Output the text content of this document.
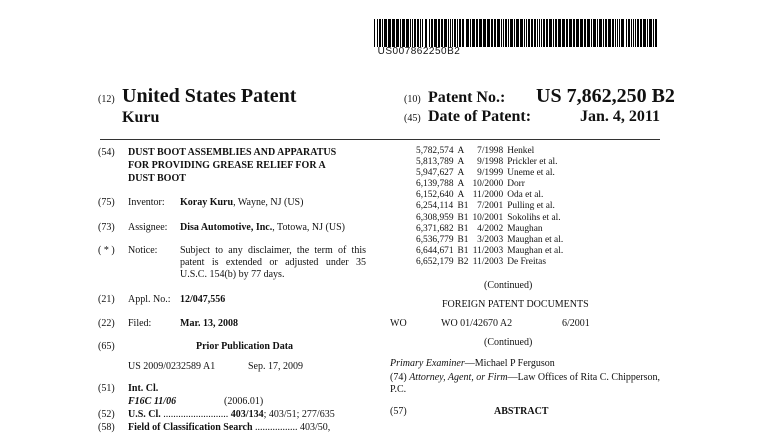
US007862250B2
(12) United States Patent
Kuru
(10) Patent No.: US 7,862,250 B2
(45) Date of Patent:	Jan. 4, 2011
(54) DUST BOOT ASSEMBLIES AND APPARATUS
FOR PROVIDING GREASE RELIEF FOR A
DUST BOOT
(75) Inventor: Koray Kuru, Wayne, NJ (US)
(73) Assignee: Disa Automotive, Inc., Totowa, NJ (US)
( * ) Notice: Subject to any disclaimer, the term of this patent is extended or adjusted under 35 U.S.C. 154(b) by 77 days.
(21) Appl. No.: 12/047,556
(22) Filed:	Mar. 13, 2008
(65)	Prior Publication Data
US 2009/0232589 A1	Sep. 17, 2009
(51) Int. Cl.
F16C 11/06	(2006.01)
(52) U.S. Cl. .......................... 403/134; 403/51; 277/635
(58) Field of Classification Search ................. 403/50,
5,782,574	A	7/1998	Henkel
5,813,789	A	9/1998	Prickler et al.
5,947,627	A	9/1999	Uneme et al.
6,139,788	A	10/2000	Dorr
6,152,640	A	11/2000	Oda et al.
6,254,114	B1	7/2001	Pulling et al.
6,308,959	B1	10/2001	Sokolihs et al.
6,371,682	B1	4/2002	Maughan
6,536,779	B1	3/2003	Maughan et al.
6,644,671	B1	11/2003	Maughan et al.
6,652,179	B2	11/2003	De Freitas
(Continued)
FOREIGN PATENT DOCUMENTS
WO	WO 01/42670 A2	6/2001
(Continued)
Primary Examiner—Michael P Ferguson
(74) Attorney, Agent, or Firm—Law Offices of Rita C. Chipperson, P.C.
(57)	ABSTRACT
